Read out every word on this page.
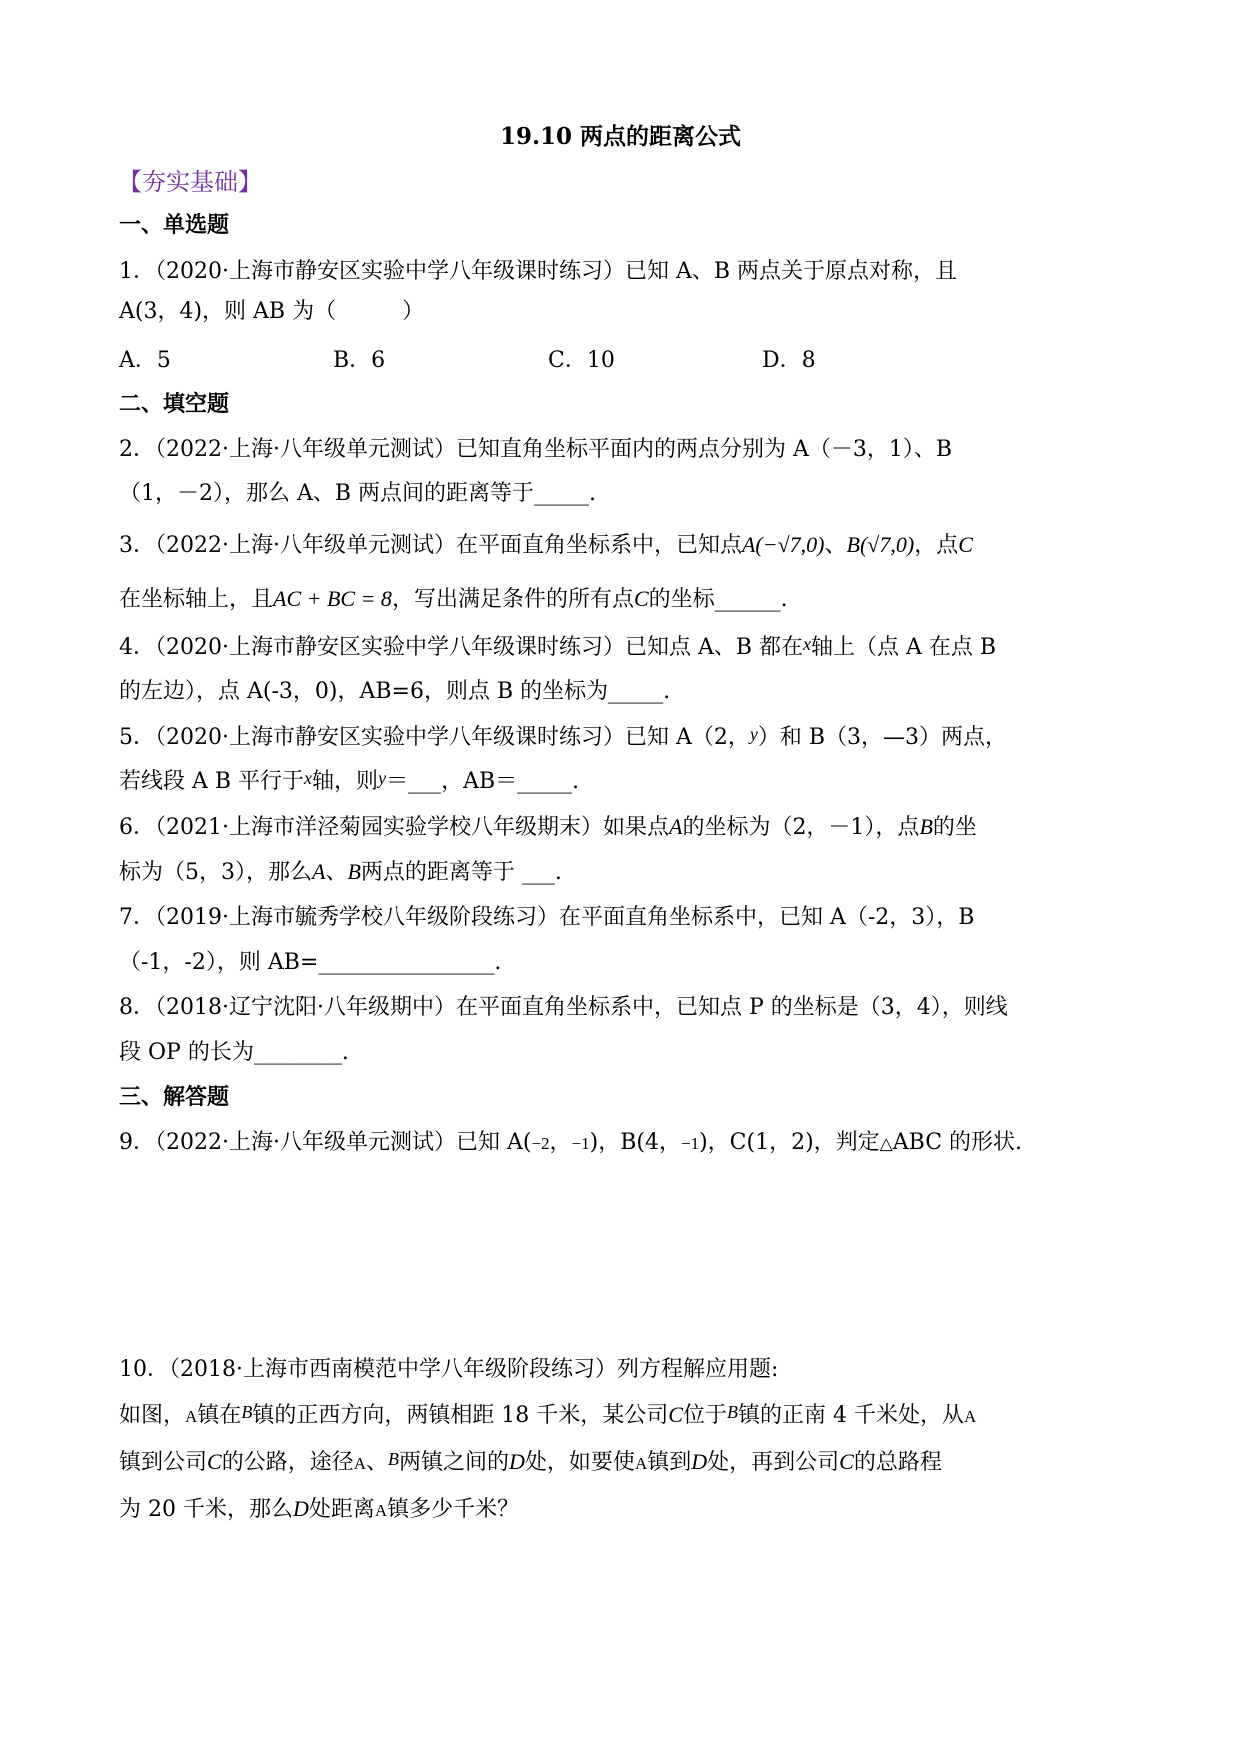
19.10 两点的距离公式
【夯实基础】
一、单选题
1．（2020·上海市静安区实验中学八年级课时练习）已知 A、B 两点关于原点对称，且
A(3，4)，则 AB 为（　　　）
A．5	B．6	C．10	D．8
二、填空题
2．（2022·上海·八年级单元测试）已知直角坐标平面内的两点分别为 A（－3，1）、B
（1，－2），那么 A、B 两点间的距离等于_____.
3．（2022·上海·八年级单元测试）在平面直角坐标系中，已知点A(−√7,0)、B(√7,0)，点C
在坐标轴上，且AC + BC = 8，写出满足条件的所有点C的坐标______.
4．（2020·上海市静安区实验中学八年级课时练习）已知点 A、B 都在x轴上（点 A 在点 B
的左边），点 A(-3，0)，AB=6，则点 B 的坐标为_____.
5．（2020·上海市静安区实验中学八年级课时练习）已知 A（2，y）和 B（3，—3）两点，
若线段 A B 平行于x轴，则y＝___，AB＝_____.
6．（2021·上海市洋泾菊园实验学校八年级期末）如果点A的坐标为（2，－1），点B的坐
标为（5，3），那么A、B两点的距离等于 ___.
7．（2019·上海市毓秀学校八年级阶段练习）在平面直角坐标系中，已知 A（-2，3），B
（-1，-2），则 AB=________________.
8．（2018·辽宁沈阳·八年级期中）在平面直角坐标系中，已知点 P 的坐标是（3，4），则线
段 OP 的长为________.
三、解答题
9．（2022·上海·八年级单元测试）已知 A(−2，−1)，B(4，−1)，C(1，2)，判定△ABC 的形状.
10．（2018·上海市西南模范中学八年级阶段练习）列方程解应用题:
如图，A镇在B镇的正西方向，两镇相距 18 千米，某公司C位于B镇的正南 4 千米处，从A
镇到公司C的公路，途径A、B两镇之间的D处，如要使A镇到D处，再到公司C的总路程
为 20 千米，那么D处距离A镇多少千米？
